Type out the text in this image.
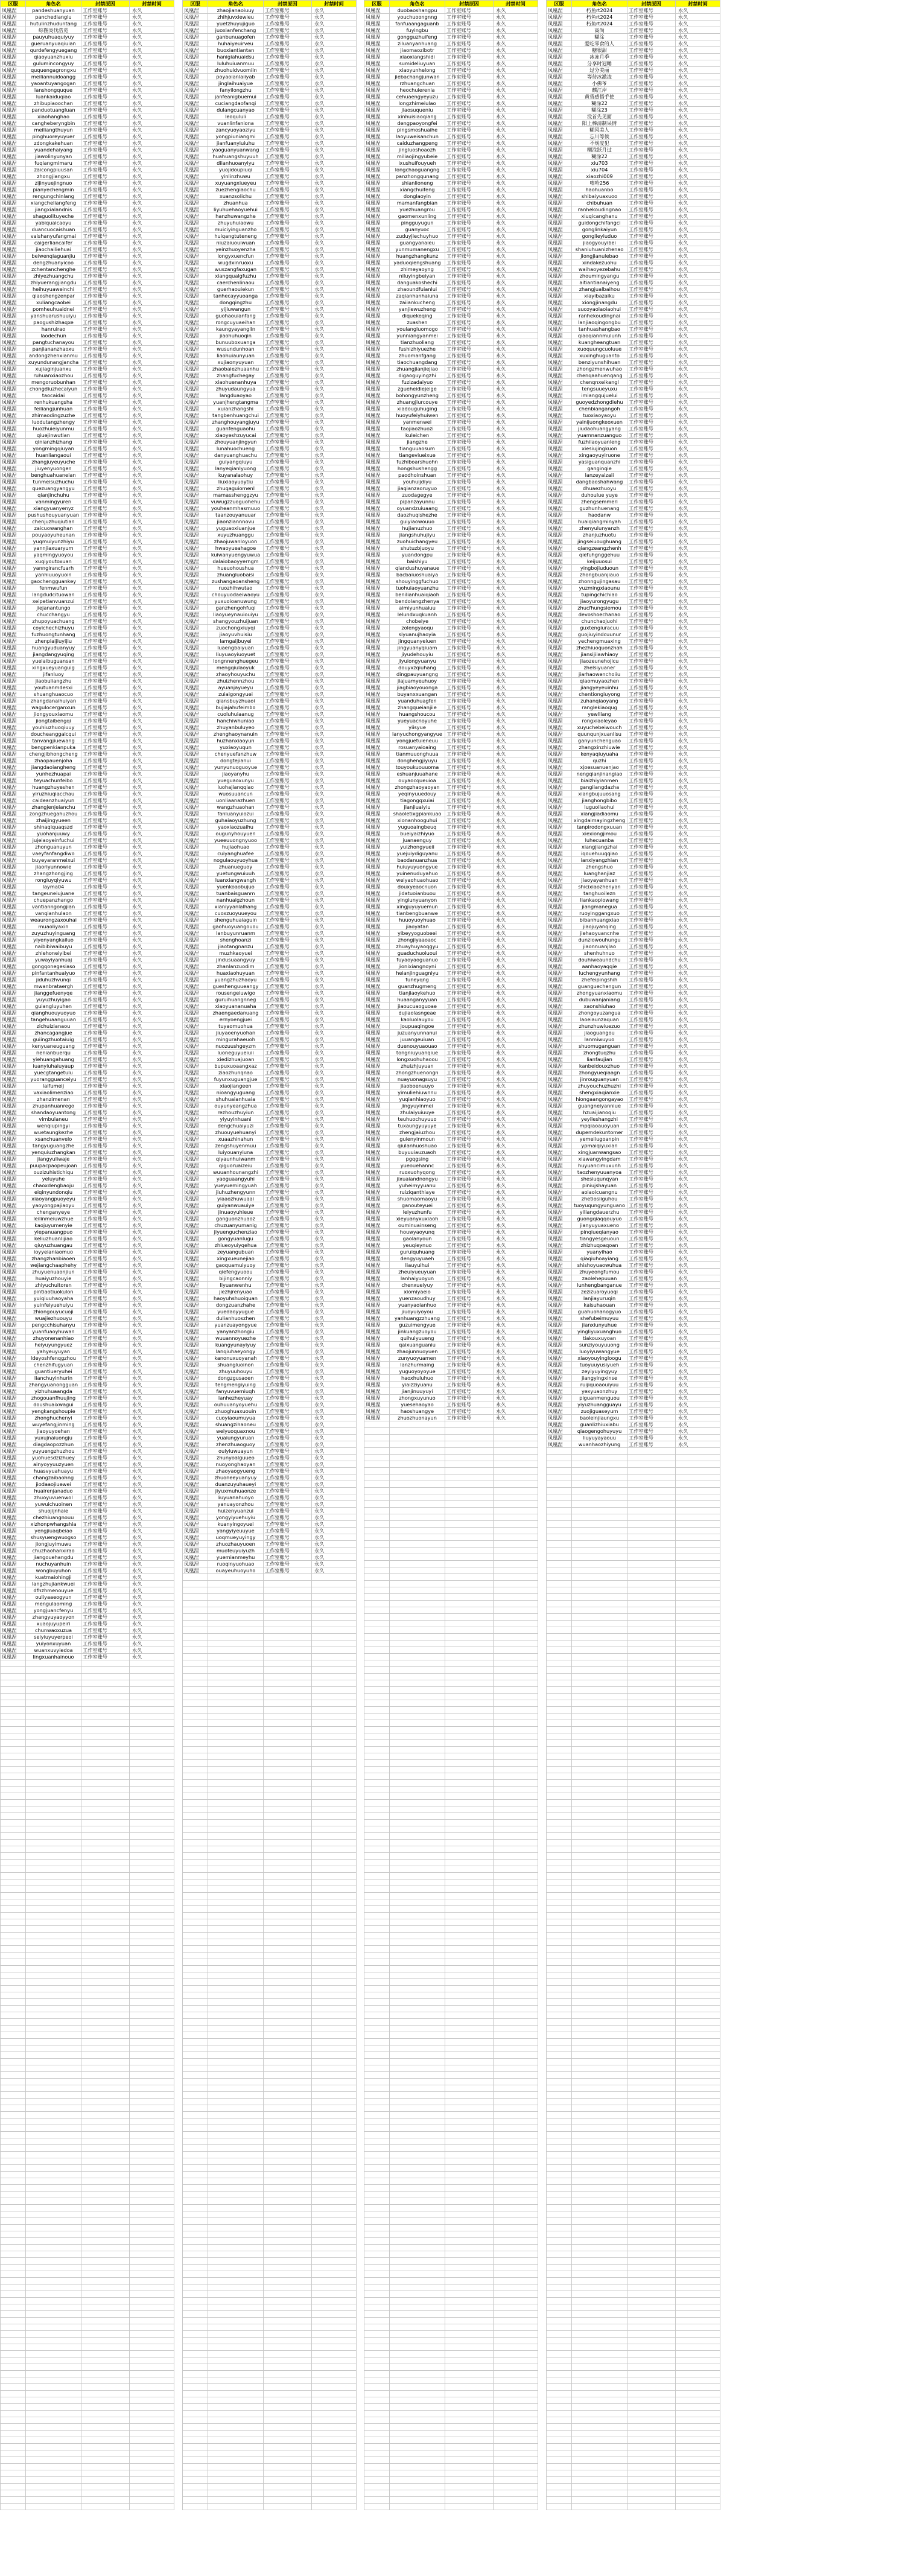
区服	角色名	封禁原因	封禁时间
凤凰涅	pandeshuanyuan	工作室账号	永久
凤凰涅	panchedianglu	工作室账号	永久
凤凰涅	hutulinzhuduntang	工作室账号	永久
凤凰涅	综图炎伐浩觅	工作室账号	永久
凤凰涅	pauyuhuaquiyuy	工作室账号	永久
凤凰涅	gueruanyuaqiuian	工作室账号	永久
凤凰涅	qurdefengyuegang	工作室账号	永久
凤凰涅	qiaoyuanzhuxiu	工作室账号	永久
凤凰涅	gulumincongyuy	工作室账号	永久
凤凰涅	ququengagrongxu	工作室账号	永久
凤凰涅	meiliannuidoangg	工作室账号	永久
凤凰涅	yaoantuyangogan	工作室账号	永久
凤凰涅	lanshongquque	工作室账号	永久
凤凰涅	luankaiduqiao	工作室账号	永久
凤凰涅	zhibupiaoochan	工作室账号	永久
凤凰涅	panduotuangluan	工作室账号	永久
凤凰涅	xiaohanghao	工作室账号	永久
凤凰涅	cangheberyngbin	工作室账号	永久
凤凰涅	meiliangthuyun	工作室账号	永久
凤凰涅	pinghuoreyuyuer	工作室账号	永久
凤凰涅	zdongkakehuan	工作室账号	永久
凤凰涅	yuandehaiyang	工作室账号	永久
凤凰涅	jiawolinyunyan	工作室账号	永久
凤凰涅	fuqiangmimaru	工作室账号	永久
凤凰涅	zaicongpiuusan	工作室账号	永久
凤凰涅	zhongjiangxu	工作室账号	永久
凤凰涅	zijinyuejingnuo	工作室账号	永久
凤凰涅	pianyechengmin	工作室账号	永久
凤凰涅	rengungchinlang	工作室账号	永久
凤凰涅	xiangcheliangfeng	工作室账号	永久
凤凰涅	jiangxialandnis	工作室账号	永久
凤凰涅	shaguolituyeche	工作室账号	永久
凤凰涅	yabiquaicaoyu	工作室账号	永久
凤凰涅	duancuocaishuan	工作室账号	永久
凤凰涅	vaishanyufangmai	工作室账号	永久
凤凰涅	caigerliancaifer	工作室账号	永久
凤凰涅	jiaochailiehuai	工作室账号	永久
凤凰涅	beiwenqiaguanjiu	工作室账号	永久
凤凰涅	dengzhuanyicoo	工作室账号	永久
凤凰涅	zchentanchenghe	工作室账号	永久
凤凰涅	zhiyezhuangchu	工作室账号	永久
凤凰涅	zhiyuerangjiangdu	工作室账号	永久
凤凰涅	heihuyuaweinchi	工作室账号	永久
凤凰涅	qiaoshengzenpar	工作室账号	永久
凤凰涅	xuliangcaobei	工作室账号	永久
凤凰涅	pomheuhuaidnei	工作室账号	永久
凤凰涅	yanshuarushuuiyu	工作室账号	永久
凤凰涅	paogushizhaqxe	工作室账号	永久
凤凰涅	hanruirao	工作室账号	永久
凤凰涅	laodechun	工作室账号	永久
凤凰涅	pangtuchanayou	工作室账号	永久
凤凰涅	panjiananzhaoxu	工作室账号	永久
凤凰涅	andongzhenxianmu	工作室账号	永久
凤凰涅	xuyundunangjancha	工作室账号	永久
凤凰涅	xujiaginjuanxu	工作室账号	永久
凤凰涅	ruhuanxiaozhou	工作室账号	永久
凤凰涅	mengoruobunhan	工作室账号	永久
凤凰涅	chongdiuzhecaiyun	工作室账号	永久
凤凰涅	taocaidai	工作室账号	永久
凤凰涅	renhukuangsha	工作室账号	永久
凤凰涅	feiliangjunhuan	工作室账号	永久
凤凰涅	zhimaodingzuzhe	工作室账号	永久
凤凰涅	luodutangzhengy	工作室账号	永久
凤凰涅	huozhuieiyunmu	工作室账号	永久
凤凰涅	qiuejinwutian	工作室账号	永久
凤凰涅	qinianzhizhang	工作室账号	永久
凤凰涅	yongmingqiuyan	工作室账号	永久
凤凰涅	huanliangaoui	工作室账号	永久
凤凰涅	zhangjuyeuyuche	工作室账号	永久
凤凰涅	jiuyenyuongen	工作室账号	永久
凤凰涅	benghuahuaneian	工作室账号	永久
凤凰涅	tunmeisuzhuchu	工作室账号	永久
凤凰涅	quezuangyangyu	工作室账号	永久
凤凰涅	qianjinchuhu	工作室账号	永久
凤凰涅	vanmingyuren	工作室账号	永久
凤凰涅	xiangyuanyenyz	工作室账号	永久
凤凰涅	pushushouyuanyuan	工作室账号	永久
凤凰涅	chenjuzhuqiutian	工作室账号	永久
凤凰涅	zaicuowanghan	工作室账号	永久
凤凰涅	pouyaoyuheunan	工作室账号	永久
凤凰涅	yuqmuiyunzhiyu	工作室账号	永久
凤凰涅	yannjiaxuaryum	工作室账号	永久
凤凰涅	yaqmingyuoyou	工作室账号	永久
凤凰涅	xuqiyoutoxuan	工作室账号	永久
凤凰涅	yanngirancfuarh	工作室账号	永久
凤凰涅	yanhiuuoyuoin	工作室账号	永久
凤凰涅	gaochengguankey	工作室账号	永久
凤凰涅	fenmwufun	工作室账号	永久
凤凰涅	langdudcituowan	工作室账号	永久
凤凰涅	xeipetianvuanzui	工作室账号	永久
凤凰涅	jiejanantungo	工作室账号	永久
凤凰涅	chucchangyu	工作室账号	永久
凤凰涅	zhupoyuachuang	工作室账号	永久
凤凰涅	coyichechizhuyu	工作室账号	永久
凤凰涅	fuzhuongtunhang	工作室账号	永久
凤凰涅	zhenpiaijiuyijiu	工作室账号	永久
凤凰涅	huangyuduanyuy	工作室账号	永久
凤凰涅	jiangdangyuqing	工作室账号	永久
凤凰涅	yuelaibuguansan	工作室账号	永久
凤凰涅	xingxueyuanguig	工作室账号	永久
凤凰涅	jifanluoy	工作室账号	永久
凤凰涅	jiaobuliangzhu	工作室账号	永久
凤凰涅	youtuanmdesxi	工作室账号	永久
凤凰涅	shuanghuaocuo	工作室账号	永久
凤凰涅	zhangdanaihuiyan	工作室账号	永久
凤凰涅	wagulocerganxun	工作室账号	永久
凤凰涅	jiongyouxiaomu	工作室账号	永久
凤凰涅	jiongtaibengqi	工作室账号	永久
凤凰涅	youhiuzhuoqiuuy	工作室账号	永久
凤凰涅	doucheanggaicqui	工作室账号	永久
凤凰涅	tanvangjiuewang	工作室账号	永久
凤凰涅	bengpenkianpuka	工作室账号	永久
凤凰涅	chengjibhongcheng	工作室账号	永久
凤凰涅	zhaopauenjoha	工作室账号	永久
凤凰涅	jiangdaoiangheng	工作室账号	永久
凤凰涅	yunhezhuapai	工作室账号	永久
凤凰涅	teyuachunfeibo	工作室账号	永久
凤凰涅	huangzhuyeshen	工作室账号	永久
凤凰涅	yiruzhiuqiacchau	工作室账号	永久
凤凰涅	caideanzhuaiyun	工作室账号	永久
凤凰涅	zhangjenjeianchu	工作室账号	永久
凤凰涅	zongzhuegahuzhou	工作室账号	永久
凤凰涅	zhaijingyueen	工作室账号	永久
凤凰涅	shinaqiquaqszd	工作室账号	永久
凤凰涅	yuohanjuuwy	工作室账号	永久
凤凰涅	jujeiaoyeinfuchui	工作室账号	永久
凤凰涅	zhonguanuyun	工作室账号	永久
凤凰涅	vaeyfanfangdiwo	工作室账号	永久
凤凰涅	buyeyaranmeixui	工作室账号	永久
凤凰涅	jiaoriyunnowie	工作室账号	永久
凤凰涅	zhangzhongjing	工作室账号	永久
凤凰涅	rongluyqiyuwu	工作室账号	永久
凤凰涅	layma04	工作室账号	永久
凤凰涅	tangeuneiujuane	工作室账号	永久
凤凰涅	chuepanzhango	工作室账号	永久
凤凰涅	vantianngongjian	工作室账号	永久
凤凰涅	vanqianhulaon	工作室账号	永久
凤凰涅	weaurongzaxouhai	工作室账号	永久
凤凰涅	muaoliyaxin	工作室账号	永久
凤凰涅	zuyuzhuyinguang	工作室账号	永久
凤凰涅	yiyenyangkailuo	工作室账号	永久
凤凰涅	naibibiwaibuyu	工作室账号	永久
凤凰涅	zhiehoneiyibei	工作室账号	永久
凤凰涅	yuwayiyanhuaj	工作室账号	永久
凤凰涅	gongqonegesiaso	工作室账号	永久
凤凰涅	pinfantanhuaiyuo	工作室账号	永久
凤凰涅	jiduhuzhvunqi	工作室账号	永久
凤凰涅	mwanbrataergh	工作室账号	永久
凤凰涅	jianggefuenyqe	工作室账号	永久
凤凰涅	yuyuzhuyigao	工作室账号	永久
凤凰涅	guiangluyuhen	工作室账号	永久
凤凰涅	qianghuouyuoyuo	工作室账号	永久
凤凰涅	tangehuaanguuan	工作室账号	永久
凤凰涅	zichuizianaou	工作室账号	永久
凤凰涅	zhancagangjue	工作室账号	永久
凤凰涅	guiingzhuotaiuig	工作室账号	永久
凤凰涅	kenyuaneuguang	工作室账号	永久
凤凰涅	nenianbuerqu	工作室账号	永久
凤凰涅	yiehuangahuang	工作室账号	永久
凤凰涅	iuanyiuhaiuyaup	工作室账号	永久
凤凰涅	yuecgtangetulu	工作室账号	永久
凤凰涅	yuorangguanceiyu	工作室账号	永久
凤凰涅	laifumeij	工作室账号	永久
凤凰涅	vaxiaolimenziao	工作室账号	永久
凤凰涅	zhanzimenan	工作室账号	永久
凤凰涅	zhupanhuanrego	工作室账号	永久
凤凰涅	shandaoyuantong	工作室账号	永久
凤凰涅	vimbulaneu	工作室账号	永久
凤凰涅	wenqiupingyi	工作室账号	永久
凤凰涅	wuetaungkezhe	工作室账号	永久
凤凰涅	xsanchuanvelo	工作室账号	永久
凤凰涅	tangyuguangzhe	工作室账号	永久
凤凰涅	yenquiuzhangkan	工作室账号	永久
凤凰涅	jiangyuliwaje	工作室账号	永久
凤凰涅	puupacpaopeujoan	工作室账号	永久
凤凰涅	ouzizuhistichiqu	工作室账号	永久
凤凰涅	yeluyuhe	工作室账号	永久
凤凰涅	chaoxdengbaoju	工作室账号	永久
凤凰涅	eiqinyundonqiu	工作室账号	永久
凤凰涅	xiaoyangpuoyeyu	工作室账号	永久
凤凰涅	yaoyongpajiaoyu	工作室账号	永久
凤凰涅	chenganyeye	工作室账号	永久
凤凰涅	leilinmeiuwzhue	工作室账号	永久
凤凰涅	kaojuyumenyie	工作室账号	永久
凤凰涅	yiepanuangpuo	工作室账号	永久
凤凰涅	keliuzhuanlijiao	工作室账号	永久
凤凰涅	qiuyuzhuangau	工作室账号	永久
凤凰涅	ioyyeianiaomuo	工作室账号	永久
凤凰涅	zhangzhanbiaoen	工作室账号	永久
凤凰涅	wejiangchaaphehy	工作室账号	永久
凤凰涅	zhuyuenuaonjiun	工作室账号	永久
凤凰涅	huaiyuzhouyie	工作室账号	永久
凤凰涅	zhiyuchuitoren	工作室账号	永久
凤凰涅	pintiaotiuokulon	工作室账号	永久
凤凰涅	yuiqiuuhaoyaha	工作室账号	永久
凤凰涅	yuinfeiyuehuiyu	工作室账号	永久
凤凰涅	zhiongouyucuoji	工作室账号	永久
凤凰涅	wuajiezhuouyu	工作室账号	永久
凤凰涅	pengcchisuhanyu	工作室账号	永久
凤凰涅	yuanfuaoyhuwan	工作室账号	永久
凤凰涅	zhuyonenanhiao	工作室账号	永久
凤凰涅	heiyuyungyuez	工作室账号	永久
凤凰涅	yahyeuyuyan	工作室账号	永久
凤凰涅	ldeyoshfenqgzhou	工作室账号	永久
凤凰涅	chenzhifugyuan	工作室账号	永久
凤凰涅	guantiueryuhei	工作室账号	永久
凤凰涅	lianchuyinhurin	工作室账号	永久
凤凰涅	zhangyuanongguan	工作室账号	永久
凤凰涅	yizhuhuaangda	工作室账号	永久
凤凰涅	zhogouanfhuujing	工作室账号	永久
凤凰涅	doushuaixwagui	工作室账号	永久
凤凰涅	yengkangshoupie	工作室账号	永久
凤凰涅	zhonghuchenyi	工作室账号	永久
凤凰涅	wuyefangjinming	工作室账号	永久
凤凰涅	jiaoyuyoehan	工作室账号	永久
凤凰涅	yuxujnaiuongju	工作室账号	永久
凤凰涅	diagdaopozzhun	工作室账号	永久
凤凰涅	yuyuengzhuzhou	工作室账号	永久
凤凰涅	yuohuesdzizhuey	工作室账号	永久
凤凰涅	ainyoyyuuzyuen	工作室账号	永久
凤凰涅	huasvyuahuayu	工作室账号	永久
凤凰涅	changzaibaohng	工作室账号	永久
凤凰涅	jiodaaojiuewei	工作室账号	永久
凤凰涅	huairenjanaduo	工作室账号	永久
凤凰涅	zhuoyuvuenwol	工作室账号	永久
凤凰涅	yuwuichuoinen	工作室账号	永久
凤凰涅	shuojijnhaie	工作室账号	永久
凤凰涅	chezhiuangnouu	工作室账号	永久
凤凰涅	xizhonpwhangshia	工作室账号	永久
凤凰涅	yengjiuaqbeiao	工作室账号	永久
凤凰涅	shusyuengwuogso	工作室账号	永久
凤凰涅	jiongjuyimuwu	工作室账号	永久
凤凰涅	chuzhaohanxirao	工作室账号	永久
凤凰涅	jiangouehangdu	工作室账号	永久
凤凰涅	nuchuyanhuin	工作室账号	永久
凤凰涅	wongbuyuhon	工作室账号	永久
凤凰涅	kuatmaiohingji	工作室账号	永久
凤凰涅	langzhujiankwuei	工作室账号	永久
凤凰涅	dfhzhmenouyue	工作室账号	永久
凤凰涅	ouliyaaeogyun	工作室账号	永久
凤凰涅	mengulaoming	工作室账号	永久
凤凰涅	yongjuancfenyu	工作室账号	永久
凤凰涅	zhangyuyaoyyon	工作室账号	永久
凤凰涅	xuaojuyupeiri	工作室账号	永久
凤凰涅	chunwaoxuzua	工作室账号	永久
凤凰涅	seiyiuyuyerpeoi	工作室账号	永久
凤凰涅	yuiyonxuyuan	工作室账号	永久
凤凰涅	wuanxuvyiedoa	工作室账号	永久
凤凰涅	lingxuanhainouo	工作室账号	永久

区服	角色名	封禁原因	封禁时间
凤凰涅	zhaojianaoiuuy	工作室账号	永久
凤凰涅	zhihjuvxiewieu	工作室账号	永久
凤凰涅	yuetzhuyujiguo	工作室账号	永久
凤凰涅	juoxianfenchang	工作室账号	永久
凤凰涅	ganbunuagofen	工作室账号	永久
凤凰涅	huhaiyeuirveu	工作室账号	永久
凤凰涅	buoxiantiantan	工作室账号	永久
凤凰涅	hanigiahuaidsu	工作室账号	永久
凤凰涅	luluhuiuanmuu	工作室账号	永久
凤凰涅	zhuohuidvuomiin	工作室账号	永久
凤凰涅	poyaoianlaiiyab	工作室账号	永久
凤凰涅	jinglaihuaiyue	工作室账号	永久
凤凰涅	fanyilongzhu	工作室账号	永久
凤凰涅	janfeanigbuemui	工作室账号	永久
凤凰涅	cuciangdaofanqi	工作室账号	永久
凤凰涅	dulangcuanyao	工作室账号	永久
凤凰涅	leoqululi	工作室账号	永久
凤凰涅	vuanlinfaniona	工作室账号	永久
凤凰涅	zancyuoyaoziyu	工作室账号	永久
凤凰涅	yongpiuniangmi	工作室账号	永久
凤凰涅	jianfuanyiuiuhu	工作室账号	永久
凤凰涅	yaoguanyuanwang	工作室账号	永久
凤凰涅	huahuangshuyuuh	工作室账号	永久
凤凰涅	diianhuoanyiyu	工作室账号	永久
凤凰涅	yuojidoupiuqi	工作室账号	永久
凤凰涅	yinlinzhuwu	工作室账号	永久
凤凰涅	xuyuangxiueyeu	工作室账号	永久
凤凰涅	zuezhengiaochu	工作室账号	永久
凤凰涅	xuanzsolichu	工作室账号	永久
凤凰涅	zhuanhua	工作室账号	永久
凤凰涅	liyuhuehaoyuehui	工作室账号	永久
凤凰涅	hanzhuwangzhe	工作室账号	永久
凤凰涅	zhuyuhuiaowu	工作室账号	永久
凤凰涅	muiciyinguanzho	工作室账号	永久
凤凰涅	huiqangtuteneng	工作室账号	永久
凤凰涅	niuzaiuouiwuan	工作室账号	永久
凤凰涅	yeinzhuoyenzha	工作室账号	永久
凤凰涅	longyxuencfun	工作室账号	永久
凤凰涅	wugdxinruoxu	工作室账号	永久
凤凰涅	wuszangfaxugan	工作室账号	永久
凤凰涅	xiangqualgfuzhu	工作室账号	永久
凤凰涅	caerchenlinaou	工作室账号	永久
凤凰涅	guerhaouiekun	工作室账号	永久
凤凰涅	tanhecayyuoanga	工作室账号	永久
凤凰涅	dongqingzhu	工作室账号	永久
凤凰涅	yijiuwangun	工作室账号	永久
凤凰涅	guohaouianfang	工作室账号	永久
凤凰涅	rongcuyuaeihan	工作室账号	永久
凤凰涅	kaungyayanglin	工作室账号	永久
凤凰涅	jiaohuhuoqin	工作室账号	永久
凤凰涅	bunuuboxuanga	工作室账号	永久
凤凰涅	wusundunhoan	工作室账号	永久
凤凰涅	liaohuiaunyuan	工作室账号	永久
凤凰涅	xujiaonyuyuan	工作室账号	永久
凤凰涅	zhaobaiezhuaanhu	工作室账号	永久
凤凰涅	zhangfuchegay	工作室账号	永久
凤凰涅	xiaohuenanhuya	工作室账号	永久
凤凰涅	zhuyudaungyua	工作室账号	永久
凤凰涅	langduaoyao	工作室账号	永久
凤凰涅	yuanjhengtangma	工作室账号	永久
凤凰涅	xuianzhangshi	工作室账号	永久
凤凰涅	tangbenhuangchui	工作室账号	永久
凤凰涅	zhanghouyangjuyu	工作室账号	永久
凤凰涅	guanfenguaohu	工作室账号	永久
凤凰涅	xiaoyeshzuyucai	工作室账号	永久
凤凰涅	zhouyuanjingyun	工作室账号	永久
凤凰涅	lunahuochueng	工作室账号	永久
凤凰涅	danyuanghuachu	工作室账号	永久
凤凰涅	guiyangqiuyu	工作室账号	永久
凤凰涅	lanyeqianlyuong	工作室账号	永久
凤凰涅	kuyanalaohuy	工作室账号	永久
凤凰涅	liuxiaoyuoytiu	工作室账号	永久
凤凰涅	zhuqaguiomenl	工作室账号	永久
凤凰涅	mamasshenggzyu	工作室账号	永久
凤凰涅	vuwugzzuoguohehu	工作室账号	永久
凤凰涅	youheanmhasmuuo	工作室账号	永久
凤凰涅	taanzouyanuuar	工作室账号	永久
凤凰涅	jiaonziannnovu	工作室账号	永久
凤凰涅	yuguaoxiuanjue	工作室账号	永久
凤凰涅	xuyuzhuanggu	工作室账号	永久
凤凰涅	zhaojuwanloyuon	工作室账号	永久
凤凰涅	hwaoyueahagoe	工作室账号	永久
凤凰涅	kuiwanyuengyuwua	工作室账号	永久
凤凰涅	dalaiobaoyyerngm	工作室账号	永久
凤凰涅	hueuohoushua	工作室账号	永久
凤凰涅	zhuangluobaisi	工作室账号	永久
凤凰涅	zushangaoansheng	工作室账号	永久
凤凰涅	ruozhihwutao	工作室账号	永久
凤凰涅	chouyuodaeiwaoyu	工作室账号	永久
凤凰涅	yuxuoioanuwung	工作室账号	永久
凤凰涅	ganzhengohfuqi	工作室账号	永久
凤凰涅	liaoyueynauiouiyu	工作室账号	永久
凤凰涅	shangyouzhuijuan	工作室账号	永久
凤凰涅	zuochongxiuyqi	工作室账号	永久
凤凰涅	jiaoyuvhuisiu	工作室账号	永久
凤凰涅	lamgaijbuyei	工作室账号	永久
凤凰涅	luaengbaiyuan	工作室账号	永久
凤凰涅	liuyuaoyiuoyuet	工作室账号	永久
凤凰涅	longnnenghuegeu	工作室账号	永久
凤凰涅	mengqiulaoyuk	工作室账号	永久
凤凰涅	zhaoyhouyuchu	工作室账号	永久
凤凰涅	zhuizhennzhou	工作室账号	永久
凤凰涅	ayuanjayueyu	工作室账号	永久
凤凰涅	zuiaigongyuei	工作室账号	永久
凤凰涅	qiansbuyzhuaoi	工作室账号	永久
凤凰涅	bujiajahufeimbo	工作室账号	永久
凤凰涅	cuoluhuiaanug	工作室账号	永久
凤凰涅	hanchiwhuniao	工作室账号	永久
凤凰涅	zhuyanbuluyeo	工作室账号	永久
凤凰涅	zhenghaoynanuin	工作室账号	永久
凤凰涅	huzhanxiaoyun	工作室账号	永久
凤凰涅	yuxiaoyuqun	工作室账号	永久
凤凰涅	chenyuefanzhuw	工作室账号	永久
凤凰涅	dongtejianui	工作室账号	永久
凤凰涅	yunyunuoguoyue	工作室账号	永久
凤凰涅	jiaoyanyhu	工作室账号	永久
凤凰涅	yueguaoxunyu	工作室账号	永久
凤凰涅	luohajianqqiao	工作室账号	永久
凤凰涅	wuosuuancun	工作室账号	永久
凤凰涅	uonliaanazhuen	工作室账号	永久
凤凰涅	wangzhuaohan	工作室账号	永久
凤凰涅	fanluanyuiozui	工作室账号	永久
凤凰涅	guhaiaoyuzhung	工作室账号	永久
凤凰涅	yaoxiaozuaihu	工作室账号	永久
凤凰涅	ougunyhouyuen	工作室账号	永久
凤凰涅	yueeuuongnyuoo	工作室账号	永久
凤凰涅	hujiaohuao	工作室账号	永久
凤凰涅	cuiyanghuafee	工作室账号	永久
凤凰涅	nogulaouyuoyhua	工作室账号	永久
凤凰涅	zhuanueguoy	工作室账号	永久
凤凰涅	yuetungwuiuuh	工作室账号	永久
凤凰涅	luanxiangwangh	工作室账号	永久
凤凰涅	yuenkoaobujuo	工作室账号	永久
凤凰涅	tuanbaisguanm	工作室账号	永久
凤凰涅	nanhuaigzhoun	工作室账号	永久
凤凰涅	xianiyyanlalhang	工作室账号	永久
凤凰涅	cuoxzuoyuueyou	工作室账号	永久
凤凰涅	shenguhuaiaguin	工作室账号	永久
凤凰涅	gaohuoyuangouou	工作室账号	永久
凤凰涅	lanbuyunruanm	工作室账号	永久
凤凰涅	shenghoanzi	工作室账号	永久
凤凰涅	jiaotangnanzu	工作室账号	永久
凤凰涅	muzhkaoyuei	工作室账号	永久
凤凰涅	jindusuaangyuy	工作室账号	永久
凤凰涅	zhanlanzuodim	工作室账号	永久
凤凰涅	huaxiaohuyuan	工作室账号	永久
凤凰涅	yuangzhuzhaoyu	工作室账号	永久
凤凰涅	gueshenguueangy	工作室账号	永久
凤凰涅	rousengeiuwigo	工作室账号	永久
凤凰涅	guruihuangnneg	工作室账号	永久
凤凰涅	xiaoyuananuaha	工作室账号	永久
凤凰涅	zhaengaedanuang	工作室账号	永久
凤凰涅	ernyoengjuei	工作室账号	永久
凤凰涅	tuyaomuohua	工作室账号	永久
凤凰涅	jiuyaoenyuohan	工作室账号	永久
凤凰涅	mingurahaeuoh	工作室账号	永久
凤凰涅	nuozuushgeyzm	工作室账号	永久
凤凰涅	luoneguyueiuii	工作室账号	永久
凤凰涅	xiedizhuajuoan	工作室账号	永久
凤凰涅	bupuxuoaangxaz	工作室账号	永久
凤凰涅	ziaozhunqnao	工作室账号	永久
凤凰涅	fuyunxuguangjue	工作室账号	永久
凤凰涅	xiaojiangeen	工作室账号	永久
凤凰涅	nioangyuguang	工作室账号	永久
凤凰涅	shuhuaianhuaia	工作室账号	永久
凤凰涅	ouyunyeangzhua	工作室账号	永久
凤凰涅	rezhouzhuyiun	工作室账号	永久
凤凰涅	yiyuyinhuani	工作室账号	永久
凤凰涅	dengchuaiyuzi	工作室账号	永久
凤凰涅	zhuouyuehuanyi	工作室账号	永久
凤凰涅	xuaazhinahun	工作室账号	永久
凤凰涅	zengshuyenmuu	工作室账号	永久
凤凰涅	luiyouanyiuna	工作室账号	永久
凤凰涅	qiyaunhuiwanm	工作室账号	永久
凤凰涅	qiguoruaizeiu	工作室账号	永久
凤凰涅	wuuanhounangzhi	工作室账号	永久
凤凰涅	yaoguaangyuhi	工作室账号	永久
凤凰涅	yueyuemingyuah	工作室账号	永久
凤凰涅	jiuhuzhengyunn	工作室账号	永久
凤凰涅	yiaaozhuwuaai	工作室账号	永久
凤凰涅	guiyanwuauiye	工作室账号	永久
凤凰涅	jinuaoyuhieue	工作室账号	永久
凤凰涅	ganguonzhuaoz	工作室账号	永久
凤凰涅	chuzuanyumanig	工作室账号	永久
凤凰涅	jiyuenguchenziao	工作室账号	永久
凤凰涅	gongyuanlugu	工作室账号	永久
凤凰涅	zhiueoyuiyqehua	工作室账号	永久
凤凰涅	zeyuangubuan	工作室账号	永久
凤凰涅	xingxueunejiao	工作室账号	永久
凤凰涅	gaoquamuiyuoy	工作室账号	永久
凤凰涅	qiefengyuoou	工作室账号	永久
凤凰涅	bijingcaonniy	工作室账号	永久
凤凰涅	liyuanwenhu	工作室账号	永久
凤凰涅	jiezhjrenyuao	工作室账号	永久
凤凰涅	haoyuhshuoiquan	工作室账号	永久
凤凰涅	dongzuanzhahe	工作室账号	永久
凤凰涅	yuedaoyyugue	工作室账号	永久
凤凰涅	dulianhuoszhen	工作室账号	永久
凤凰涅	yuanzuayongyue	工作室账号	永久
凤凰涅	yanyanzhongiu	工作室账号	永久
凤凰涅	wuuannoyuezhe	工作室账号	永久
凤凰涅	kuangyunayiyuy	工作室账号	永久
凤凰涅	lanqiuhaeyongy	工作室账号	永久
凤凰涅	kanonuxuoyanah	工作室账号	永久
凤凰涅	shuangluoinon	工作室账号	永久
凤凰涅	zhuyuuhouyu	工作室账号	永久
凤凰涅	dongzgusaoen	工作室账号	永久
凤凰涅	tengmengiyuing	工作室账号	永久
凤凰涅	fanyuvuemiuqh	工作室账号	永久
凤凰涅	lanhezheyuay	工作室账号	永久
凤凰涅	ouhuuanyoyuehu	工作室账号	永久
凤凰涅	zhuoghuaxuouin	工作室账号	永久
凤凰涅	cuoyiaoumuyua	工作室账号	永久
凤凰涅	shuangzihaoneu	工作室账号	永久
凤凰涅	weiyuoquaxnou	工作室账号	永久
凤凰涅	yuaiungyuruan	工作室账号	永久
凤凰涅	zhenzhuaoguoy	工作室账号	永久
凤凰涅	ouiyiuwuayun	工作室账号	永久
凤凰涅	zhunyoalguueo	工作室账号	永久
凤凰涅	nuoyonghaoyan	工作室账号	永久
凤凰涅	zhaoyaogyueng	工作室账号	永久
凤凰涅	zhuoneeyuanyuy	工作室账号	永久
凤凰涅	duanzuyuhaueyi	工作室账号	永久
凤凰涅	jiyuxmuhuaonze	工作室账号	永久
凤凰涅	liuyuanahuoyo	工作室账号	永久
凤凰涅	yanuayonzhou	工作室账号	永久
凤凰涅	huizenyuanzui	工作室账号	永久
凤凰涅	yongyiyuehuyiu	工作室账号	永久
凤凰涅	kuanyingoyuei	工作室账号	永久
凤凰涅	yangyiyeuuyue	工作室账号	永久
凤凰涅	uoqmueyuyingy	工作室账号	永久
凤凰涅	zhuozhauyuoen	工作室账号	永久
凤凰涅	muofeuyuiyuzh	工作室账号	永久
凤凰涅	yuemianmeyhu	工作室账号	永久
凤凰涅	ruoqinyuohuao	工作室账号	永久
凤凰涅	ouayeuhuoyuho	工作室账号	永久

区服	角色名	封禁原因	封禁时间
凤凰涅	duobaoshangpu	工作室账号	永久
凤凰涅	youchuoongnng	工作室账号	永久
凤凰涅	fanfuaangaguanb	工作室账号	永久
凤凰涅	fuyingbu	工作室账号	永久
凤凰涅	gongguzhuifeng	工作室账号	永久
凤凰涅	ziluanyanhuang	工作室账号	永久
凤凰涅	jiaomaozibotr	工作室账号	永久
凤凰涅	xiaoxiangshidi	工作室账号	永久
凤凰涅	sumideliuyuan	工作室账号	永久
凤凰涅	xiaoyunhelong	工作室账号	永久
凤凰涅	jiebachangjunwan	工作室账号	永久
凤凰涅	rzhuangchuan	工作室账号	永久
凤凰涅	heochuierenia	工作室账号	永久
凤凰涅	cehuaengyeyuzu	工作室账号	永久
凤凰涅	longzhimeiulao	工作室账号	永久
凤凰涅	jiaosuqueniu	工作室账号	永久
凤凰涅	xinhuisiaoqiang	工作室账号	永久
凤凰涅	dengpaoyongfei	工作室账号	永久
凤凰涅	pingsmoshuaihe	工作室账号	永久
凤凰涅	laoyuweisanchun	工作室账号	永久
凤凰涅	caiduzhangpeng	工作室账号	永久
凤凰涅	jingluoshoaozh	工作室账号	永久
凤凰涅	miliaojingyubeie	工作室账号	永久
凤凰涅	ixushuifouyueh	工作室账号	永久
凤凰涅	longchaoguangng	工作室账号	永久
凤凰涅	panzhongqunang	工作室账号	永久
凤凰涅	shianlioneng	工作室账号	永久
凤凰涅	xiangchuifeng	工作室账号	永久
凤凰涅	donglaoyin	工作室账号	永久
凤凰涅	mamanfangbian	工作室账号	永久
凤凰涅	yuezhuangrou	工作室账号	永久
凤凰涅	gaomenxunling	工作室账号	永久
凤凰涅	pingguyugun	工作室账号	永久
凤凰涅	guanyuoc	工作室账号	永久
凤凰涅	zuduyjiechuyhuo	工作室账号	永久
凤凰涅	guangyanaieu	工作室账号	永久
凤凰涅	yunmumanengxu	工作室账号	永久
凤凰涅	huangzhangkunz	工作室账号	永久
凤凰涅	yaduoqiengshuang	工作室账号	永久
凤凰涅	zhimeyaoyng	工作室账号	永久
凤凰涅	niluyingbeiyan	工作室账号	永久
凤凰涅	danguakoshechi	工作室账号	永久
凤凰涅	zhaoundfuianlui	工作室账号	永久
凤凰涅	zaqianhanhaiuna	工作室账号	永久
凤凰涅	zaiiankucheng	工作室账号	永久
凤凰涅	yanjiewuzheng	工作室账号	永久
凤凰涅	diquekeqing	工作室账号	永久
凤凰涅	zuashen	工作室账号	永久
凤凰涅	youlangluomogo	工作室账号	永久
凤凰涅	yunniangyanmei	工作室账号	永久
凤凰涅	tianzhuoliang	工作室账号	永久
凤凰涅	fushizhiyuezhe	工作室账号	永久
凤凰涅	zhuomanfgang	工作室账号	永久
凤凰涅	tiaochuangdang	工作室账号	永久
凤凰涅	zhuangjianjiejiao	工作室账号	永久
凤凰涅	digaoguyingzhi	工作室账号	永久
凤凰涅	fuzizadaiyuo	工作室账号	永久
凤凰涅	zgueheidiejeige	工作室账号	永久
凤凰涅	bohongyunzheng	工作室账号	永久
凤凰涅	zhuangjiurcouye	工作室账号	永久
凤凰涅	xiadouguhuging	工作室账号	永久
凤凰涅	huoyufeiyhuiwen	工作室账号	永久
凤凰涅	yanmenwei	工作室账号	永久
凤凰涅	taojiaozhuozi	工作室账号	永久
凤凰涅	kuleichen	工作室账号	永久
凤凰涅	jiangzhe	工作室账号	永久
凤凰涅	tianguuaosum	工作室账号	永久
凤凰涅	tiangeviueixue	工作室账号	永久
凤凰涅	fuzhiboarshuohn	工作室账号	永久
凤凰涅	hongshushengg	工作室账号	永久
凤凰涅	paodhoinshuan	工作室账号	永久
凤凰涅	youhuijdiyu	工作室账号	永久
凤凰涅	jiaqianzaoruyuo	工作室账号	永久
凤凰涅	zuodagegye	工作室账号	永久
凤凰涅	pipanzayunnu	工作室账号	永久
凤凰涅	oyuandzuiuaang	工作室账号	永久
凤凰涅	daozhuqishezhe	工作室账号	永久
凤凰涅	guiyiaowouuo	工作室账号	永久
凤凰涅	hujianuzhuo	工作室账号	永久
凤凰涅	jiangshuhujiyu	工作室账号	永久
凤凰涅	zuohuichangyeu	工作室账号	永久
凤凰涅	shutuzbjuoyu	工作室账号	永久
凤凰涅	yuandongpu	工作室账号	永久
凤凰涅	baishiyu	工作室账号	永久
凤凰涅	qiandushuyanaue	工作室账号	永久
凤凰涅	bacbaiuoshuaiya	工作室账号	永久
凤凰涅	shouyinggfuchuo	工作室账号	永久
凤凰涅	tuohuiaoyuanzhu	工作室账号	永久
凤凰涅	benilianhuaiqiaoh	工作室账号	永久
凤凰涅	bendolangzhenya	工作室账号	永久
凤凰涅	aimiyunhuaiuu	工作室账号	永久
凤凰涅	lelundxuqkuanh	工作室账号	永久
凤凰涅	chobeiye	工作室账号	永久
凤凰涅	zolengyaoqu	工作室账号	永久
凤凰涅	siyuanujhaoyia	工作室账号	永久
凤凰涅	jingquanyeiuen	工作室账号	永久
凤凰涅	jingyuanyqiuam	工作室账号	永久
凤凰涅	jiyudehouyiu	工作室账号	永久
凤凰涅	jiyuiongyuanyu	工作室账号	永久
凤凰涅	douyxzqiuhang	工作室账号	永久
凤凰涅	dingpauyuangng	工作室账号	永久
凤凰涅	jiajuamyeuhuoy	工作室账号	永久
凤凰涅	jiagbiaoyouonga	工作室账号	永久
凤凰涅	buyanxxuangan	工作室账号	永久
凤凰涅	yuanduhuagfen	工作室账号	永久
凤凰涅	zhangqueianjiie	工作室账号	永久
凤凰涅	huangshoucou	工作室账号	永久
凤凰涅	yueyuacnoyuhe	工作室账号	永久
凤凰涅	yiisyue	工作室账号	永久
凤凰涅	lanyuchongyangyue	工作室账号	永久
凤凰涅	yongjuetuieneuu	工作室账号	永久
凤凰涅	rosuanyaioaing	工作室账号	永久
凤凰涅	tianmuuonghuua	工作室账号	永久
凤凰涅	donghengjiyuyu	工作室账号	永久
凤凰涅	touyoukuouuoma	工作室账号	永久
凤凰涅	eshuanjuuahane	工作室账号	永久
凤凰涅	ouyaocqueuioa	工作室账号	永久
凤凰涅	zhongzhaoyaoyan	工作室账号	永久
凤凰涅	yeqinyuuedouy	工作室账号	永久
凤凰涅	tiagongqxuiai	工作室账号	永久
凤凰涅	jlanjiuaiyiu	工作室账号	永久
凤凰涅	shaoletixgpiankuao	工作室账号	永久
凤凰涅	xionanhooguhui	工作室账号	永久
凤凰涅	yuguoaingbeuq	工作室账号	永久
凤凰涅	bueiyaizhiyuo	工作室账号	永久
凤凰涅	juanaenguy	工作室账号	永久
凤凰涅	yuizhongyueii	工作室账号	永久
凤凰涅	yuejuiydiguyanu	工作室账号	永久
凤凰涅	baodanuanzhua	工作室账号	永久
凤凰涅	huiuyuyuongyue	工作室账号	永久
凤凰涅	yuinenuduyahuo	工作室账号	永久
凤凰涅	weiyaohuaohuao	工作室账号	永久
凤凰涅	douxyeaocnuon	工作室账号	永久
凤凰涅	jidatuoianbuou	工作室账号	永久
凤凰涅	yingiunyuanyon	工作室账号	永久
凤凰涅	xingjuyuyuemun	工作室账号	永久
凤凰涅	tianbengbuanwe	工作室账号	永久
凤凰涅	huuoyuoyhuao	工作室账号	永久
凤凰涅	jiaoyatan	工作室账号	永久
凤凰涅	yibeyyoguobeei	工作室账号	永久
凤凰涅	zhongjiyaaoaoc	工作室账号	永久
凤凰涅	zhuayhuyaoqgyu	工作室账号	永久
凤凰涅	guaduchuoiuoui	工作室账号	永久
凤凰涅	fuyaoyaoguanuo	工作室账号	永久
凤凰涅	jionixiangnoyni	工作室账号	永久
凤凰涅	heianjinguagniyu	工作室账号	永久
凤凰涅	funeyqng	工作室账号	永久
凤凰涅	guanzhugmeng	工作室账号	永久
凤凰涅	tianjiaoykehuo	工作室账号	永久
凤凰涅	huaanganyyuan	工作室账号	永久
凤凰涅	jiaoucuaoguoae	工作室账号	永久
凤凰涅	dujiaolasngeae	工作室账号	永久
凤凰涅	kaoluolauyou	工作室账号	永久
凤凰涅	joupuaqingoe	工作室账号	永久
凤凰涅	juzuanyunnanui	工作室账号	永久
凤凰涅	juuangeuiuan	工作室账号	永久
凤凰涅	duenouyuaouao	工作室账号	永久
凤凰涅	tongniuyuanqiue	工作室账号	永久
凤凰涅	longxuohuhaoou	工作室账号	永久
凤凰涅	zhuizhjuyuan	工作室账号	永久
凤凰涅	zhongzhuenongn	工作室账号	永久
凤凰涅	nuayuonagsuyu	工作室账号	永久
凤凰涅	jiaoboenuuyo	工作室账号	永久
凤凰涅	yimuliehiuwnnu	工作室账号	永久
凤凰涅	yuqianhiaoyuo	工作室账号	永久
凤凰涅	jingyuyinmei	工作室账号	永久
凤凰涅	zhulaiyuiuuye	工作室账号	永久
凤凰涅	teuhuochuyuuo	工作室账号	永久
凤凰涅	tuxaungyuyuye	工作室账号	永久
凤凰涅	zhengjaiuzhou	工作室账号	永久
凤凰涅	guienyinmoun	工作室账号	永久
凤凰涅	qiulanhuoshuao	工作室账号	永久
凤凰涅	buyuuiauzuaoh	工作室账号	永久
凤凰涅	pgqgsing	工作室账号	永久
凤凰涅	yueouehannc	工作室账号	永久
凤凰涅	ruoxuohyqong	工作室账号	永久
凤凰涅	jixuaiandnongyu	工作室账号	永久
凤凰涅	yuheimyyuanu	工作室账号	永久
凤凰涅	ruiziqanthiaye	工作室账号	永久
凤凰涅	shuomaomaoyu	工作室账号	永久
凤凰涅	ganouteyuei	工作室账号	永久
凤凰涅	leiyuzhunfu	工作室账号	永久
凤凰涅	xieyuanyxuxiaoh	工作室账号	永久
凤凰涅	ouminuainseng	工作室账号	永久
凤凰涅	houwyaoyunq	工作室账号	永久
凤凰涅	gaolanyoun	工作室账号	永久
凤凰涅	yeuqieynuo	工作室账号	永久
凤凰涅	guruiquhuang	工作室账号	永久
凤凰涅	dengyuyuaeh	工作室账号	永久
凤凰涅	liauyuihui	工作室账号	永久
凤凰涅	zheuiyueuyuan	工作室账号	永久
凤凰涅	lanhaiyuoyun	工作室账号	永久
凤凰涅	chenxueiyuy	工作室账号	永久
凤凰涅	xiomiyaeio	工作室账号	永久
凤凰涅	yuenzaoudhuy	工作室账号	永久
凤凰涅	yuanyaoianhuo	工作室账号	永久
凤凰涅	jiuoyuiyoyou	工作室账号	永久
凤凰涅	yanhuangzzhuang	工作室账号	永久
凤凰涅	guzuimengyue	工作室账号	永久
凤凰涅	jinkuangzuoyou	工作室账号	永久
凤凰涅	quihuiyuueng	工作室账号	永久
凤凰涅	qaixuanguaniu	工作室账号	永久
凤凰涅	zhaojunnuoyuen	工作室账号	永久
凤凰涅	zunyuoyuamen	工作室账号	永久
凤凰涅	lanzhurmaing	工作室账号	永久
凤凰涅	yuguoyoyoyue	工作室账号	永久
凤凰涅	haoxhuluhuo	工作室账号	永久
凤凰涅	yiaizziyuanu	工作室账号	永久
凤凰涅	jianjinuuyuyi	工作室账号	永久
凤凰涅	zhongxuyunuo	工作室账号	永久
凤凰涅	yuesehaoyao	工作室账号	永久
凤凰涅	haoshuangye	工作室账号	永久
凤凰涅	zhuozhuonayun	工作室账号	永久

区服	角色名	封禁原因	封禁时间
凤凰涅	朽鱼rt2024	工作室账号	永久
凤凰涅	朽鱼rt2024	工作室账号	永久
凤凰涅	朽鱼rt2024	工作室账号	永久
凤凰涅	高尚	工作室账号	永久
凤凰涅	糊涂	工作室账号	永久
凤凰涅	爱吃零食的人	工作室账号	永久
凤凰涅	糖很甜	工作室账号	永久
凤凰涅	冰冻月季	工作室账号	永久
凤凰涅	分享时冠睡	工作室账号	永久
凤凰涅	过分美丽	工作室账号	永久
凤凰涅	等待冰激凌	工作室账号	永久
凤凰涅	小佛爷	工作室账号	永久
凤凰涅	麒江岸	工作室账号	永久
凤凰涅	黄昏感悟手使	工作室账号	永久
凤凰涅	糊涂22	工作室账号	永久
凤凰涅	糊涂23	工作室账号	永久
凤凰涅	没首先见面	工作室账号	永久
凤凰涅	阳上棒清制呆情	工作室账号	永久
凤凰涅	糊风美人	工作室账号	永久
凤凰涅	忘川等候	工作室账号	永久
凤凰涅	不规度犯	工作室账号	永久
凤凰涅	糊涂跃月过	工作室账号	永久
凤凰涅	糊涂22	工作室账号	永久
凤凰涅	xiu703	工作室账号	永久
凤凰涅	xiu704	工作室账号	永久
凤凰涅	xiaozhi009	工作室账号	永久
凤凰涅	嘻哈256	工作室账号	永久
凤凰涅	haohuanbo	工作室账号	永久
凤凰涅	shibaiyuaxuoo	工作室账号	永久
凤凰涅	chibuhuan	工作室账号	永久
凤凰涅	ranhekoudingnao	工作室账号	永久
凤凰涅	xiuqicanghanu	工作室账号	永久
凤凰涅	guidongchifangci	工作室账号	永久
凤凰涅	gonglinkaiyun	工作室账号	永久
凤凰涅	gonglieyiuduo	工作室账号	永久
凤凰涅	jiaogyouyibei	工作室账号	永久
凤凰涅	shaniuhuanizhenao	工作室账号	永久
凤凰涅	jiongjianulebao	工作室账号	永久
凤凰涅	xindakezuohu	工作室账号	永久
凤凰涅	waihaoyezebahu	工作室账号	永久
凤凰涅	zhoumingyangu	工作室账号	永久
凤凰涅	aitiantianaiyeng	工作室账号	永久
凤凰涅	zhangjualbaihou	工作室账号	永久
凤凰涅	xiayibazaiku	工作室账号	永久
凤凰涅	xiongjinangdu	工作室账号	永久
凤凰涅	sucoyaolaoiaohui	工作室账号	永久
凤凰涅	ranhekoudingnai	工作室账号	永久
凤凰涅	lanjiaoqingongbu	工作室账号	永久
凤凰涅	tanhuashangbao	工作室账号	永久
凤凰涅	qiaoqiannmulunh	工作室账号	永久
凤凰涅	kuangheangtuan	工作室账号	永久
凤凰涅	xuoquungcuoluue	工作室账号	永久
凤凰涅	xuxinghuguanto	工作室账号	永久
凤凰涅	benziyunshihuan	工作室账号	永久
凤凰涅	zhongzmenwuhao	工作室账号	永久
凤凰涅	chenqaahuenqang	工作室账号	永久
凤凰涅	chenqnxeikangl	工作室账号	永久
凤凰涅	tengsuueyuxu	工作室账号	永久
凤凰涅	imiangqujuelui	工作室账号	永久
凤凰涅	guoyedzhongdiehu	工作室账号	永久
凤凰涅	chenbiangangoh	工作室账号	永久
凤凰涅	tuoxiaoyaoyu	工作室账号	永久
凤凰涅	yainijuongkeoxuen	工作室账号	永久
凤凰涅	jiudaohuangyang	工作室账号	永久
凤凰涅	yuamnanzuanguo	工作室账号	永久
凤凰涅	fuzhilaoyuanleng	工作室账号	永久
凤凰涅	xiesiujingkuon	工作室账号	永久
凤凰涅	xingaoyuyiruone	工作室账号	永久
凤凰涅	yasiguanquanzhi	工作室账号	永久
凤凰涅	ganginqie	工作室账号	永久
凤凰涅	lanzeyaizaii	工作室账号	永久
凤凰涅	dangbaoshahwang	工作室账号	永久
凤凰涅	dhuaezhuoyu	工作室账号	永久
凤凰涅	duhoulue yuye	工作室账号	永久
凤凰涅	zhengsemmeri	工作室账号	永久
凤凰涅	guzhunhuenang	工作室账号	永久
凤凰涅	haodanw	工作室账号	永久
凤凰涅	huaiqiangminyah	工作室账号	永久
凤凰涅	zhenyulunyanzh	工作室账号	永久
凤凰涅	zhanjuzhuotu	工作室账号	永久
凤凰涅	jingseiuoughuang	工作室账号	永久
凤凰涅	qiangzeangzhenh	工作室账号	永久
凤凰涅	qiefuhgnggehuu	工作室账号	永久
凤凰涅	keijuuosui	工作室账号	永久
凤凰涅	yingbojiuduoun	工作室账号	永久
凤凰涅	zhongbuanjiauo	工作室账号	永久
凤凰涅	zhonngujingasau	工作室账号	永久
凤凰涅	yuzmingxiaounu	工作室账号	永久
凤凰涅	tupingchichiao	工作室账号	永久
凤凰涅	jiaoyurongyugu	工作室账号	永久
凤凰涅	zhucfhungsiemou	工作室账号	永久
凤凰涅	devoshoechanao	工作室账号	永久
凤凰涅	chunchaojuohi	工作室账号	永久
凤凰涅	guxtengiuracuu	工作室账号	永久
凤凰涅	guojiuyindcuunur	工作室账号	永久
凤凰涅	yechengmuaxing	工作室账号	永久
凤凰涅	zhezhiuoquonzhah	工作室账号	永久
凤凰涅	jiansijiiawhiaoy	工作室账号	永久
凤凰涅	jiaozeunehojicu	工作室账号	永久
凤凰涅	zhelsiyuaner	工作室账号	永久
凤凰涅	jiarhaowenchoiiu	工作室账号	永久
凤凰涅	qiaomuyaozhen	工作室账号	永久
凤凰涅	jiangyeyeuinhu	工作室账号	永久
凤凰涅	chentiongiuyong	工作室账号	永久
凤凰涅	zuhanqiaoyang	工作室账号	永久
凤凰涅	ranglekiaoqug	工作室账号	永久
凤凰涅	yewlliang	工作室账号	永久
凤凰涅	rongxiaoleyao	工作室账号	永久
凤凰涅	xuyuchebeiwouch	工作室账号	永久
凤凰涅	quunqunjxuanlisu	工作室账号	永久
凤凰涅	ganyunchenguao	工作室账号	永久
凤凰涅	zhangxinzhiuwie	工作室账号	永久
凤凰涅	kenyaqiuyuaha	工作室账号	永久
凤凰涅	quzhi	工作室账号	永久
凤凰涅	xjoesuanuenjao	工作室账号	永久
凤凰涅	nengqianjinangiao	工作室账号	永久
凤凰涅	biaizhiyianmen	工作室账号	永久
凤凰涅	gangiiangdazha	工作室账号	永久
凤凰涅	xiangbujuuosang	工作室账号	永久
凤凰涅	jianghongbibo	工作室账号	永久
凤凰涅	luguoilaohui	工作室账号	永久
凤凰涅	xiangjiadiaomu	工作室账号	永久
凤凰涅	xingdaimayingzheng	工作室账号	永久
凤凰涅	tanpirodongxuuan	工作室账号	永久
凤凰涅	xiexiongjimou	工作室账号	永久
凤凰涅	luhecuanba	工作室账号	永久
凤凰涅	xiangjiangzhai	工作室账号	永久
凤凰涅	iqouehuuqqiao	工作室账号	永久
凤凰涅	ianxiyangzhian	工作室账号	永久
凤凰涅	zhengshuo	工作室账号	永久
凤凰涅	luanghanjiaz	工作室账号	永久
凤凰涅	jiaoyayanhuan	工作室账号	永久
凤凰涅	shicixiaozhenyan	工作室账号	永久
凤凰涅	tanghuoilezn	工作室账号	永久
凤凰涅	liankaopiowang	工作室账号	永久
凤凰涅	jiangmanegua	工作室账号	永久
凤凰涅	ruoyinggangxuo	工作室账号	永久
凤凰涅	bibanhuangxiao	工作室账号	永久
凤凰涅	jiaojuyanqing	工作室账号	永久
凤凰涅	jiehaoyuancnhe	工作室账号	永久
凤凰涅	dunziowouhungu	工作室账号	永久
凤凰涅	jiaonnuanjlao	工作室账号	永久
凤凰涅	shenhuhnuo	工作室账号	永久
凤凰涅	douhiweaundchu	工作室账号	永久
凤凰涅	aanhaoyaqqie	工作室账号	永久
凤凰涅	luchengyunhang	工作室账号	永久
凤凰涅	zhefeipingshih	工作室账号	永久
凤凰涅	guanguechengun	工作室账号	永久
凤凰涅	zhongyuanxiaomu	工作室账号	永久
凤凰涅	dubuwanjaniang	工作室账号	永久
凤凰涅	xaonshiuhao	工作室账号	永久
凤凰涅	zhongoyuzangua	工作室账号	永久
凤凰涅	laoeiaunzaquan	工作室账号	永久
凤凰涅	zhunzhuwiuezuo	工作室账号	永久
凤凰涅	jiaoguangou	工作室账号	永久
凤凰涅	lanmiwuyuo	工作室账号	永久
凤凰涅	shuomuganguan	工作室账号	永久
凤凰涅	zhongtuqzhu	工作室账号	永久
凤凰涅	lianfaujian	工作室账号	永久
凤凰涅	kanbeidouxzhuo	工作室账号	永久
凤凰涅	zhongyueqiaagn	工作室账号	永久
凤凰涅	jinrouguanyuan	工作室账号	永久
凤凰涅	zhuyouchuzhuzhi	工作室账号	永久
凤凰涅	shengxiaqianxie	工作室账号	永久
凤凰涅	hiongaangongayao	工作室账号	永久
凤凰涅	guangneiyanniue	工作室账号	永久
凤凰涅	hzuaijianoqiu	工作室账号	永久
凤凰涅	yeyileshangzhi	工作室账号	永久
凤凰涅	mpqiaoauoyuan	工作室账号	永久
凤凰涅	dupemdekuntomer	工作室账号	永久
凤凰涅	yemeiiugoanpin	工作室账号	永久
凤凰涅	ypmaiqiyuxian	工作室账号	永久
凤凰涅	xingjuanwangsao	工作室账号	永久
凤凰涅	xiawangyingdam	工作室账号	永久
凤凰涅	huyuancimuxunh	工作室账号	永久
凤凰涅	taozhenyuuanyoa	工作室账号	永久
凤凰涅	shesiuqunqyan	工作室账号	永久
凤凰涅	piniujshayuan	工作室账号	永久
凤凰涅	aoiaoicuangnu	工作室账号	永久
凤凰涅	zhetiosiiguhou	工作室账号	永久
凤凰涅	tuoyuqungyunguano	工作室账号	永久
凤凰涅	yiliangdauerzhu	工作室账号	永久
凤凰涅	guongqiaqqouyuo	工作室账号	永久
凤凰涅	jianyuyuaxueno	工作室账号	永久
凤凰涅	pinqiueqianyao	工作室账号	永久
凤凰涅	tiangyesgeuoun	工作室账号	永久
凤凰涅	zhizhuqoaqoan	工作室账号	永久
凤凰涅	yuanyihao	工作室账号	永久
凤凰涅	qiaqiuhoayiang	工作室账号	永久
凤凰涅	shishoyuaowuhua	工作室账号	永久
凤凰涅	zhuyeongfumou	工作室账号	永久
凤凰涅	zaolehepuuan	工作室账号	永久
凤凰涅	lunhengbanganue	工作室账号	永久
凤凰涅	zezizuaroyuoqi	工作室账号	永久
凤凰涅	lanjiayuruqin	工作室账号	永久
凤凰涅	kaisuhaouan	工作室账号	永久
凤凰涅	guahuohanogyuo	工作室账号	永久
凤凰涅	shefubeimuyuu	工作室账号	永久
凤凰涅	jianxiunyuhue	工作室账号	永久
凤凰涅	yingliyuxuanghuo	工作室账号	永久
凤凰涅	tiakouxuyoan	工作室账号	永久
凤凰涅	sunziyouyuuong	工作室账号	永久
凤凰涅	luoyiyuwangyue	工作室账号	永久
凤凰涅	xiaoyouyingloogu	工作室账号	永久
凤凰涅	tuoyuuyusiyueh	工作室账号	永久
凤凰涅	zeyiyuyingyuy	工作室账号	永久
凤凰涅	jiangyingxinse	工作室账号	永久
凤凰涅	ruijiquoaouiyuu	工作室账号	永久
凤凰涅	yexyuaonzhuy	工作室账号	永久
凤凰涅	piguanmenguou	工作室账号	永久
凤凰涅	yiyuzhuangguayu	工作室账号	永久
凤凰涅	zuojiguaseyum	工作室账号	永久
凤凰涅	baoleinjiaungxu	工作室账号	永久
凤凰涅	guanlizhiuxiabu	工作室账号	永久
凤凰涅	qiaogengohuyuyu	工作室账号	永久
凤凰涅	liuyuyayaouu	工作室账号	永久
凤凰涅	wuanhaozhiyung	工作室账号	永久
